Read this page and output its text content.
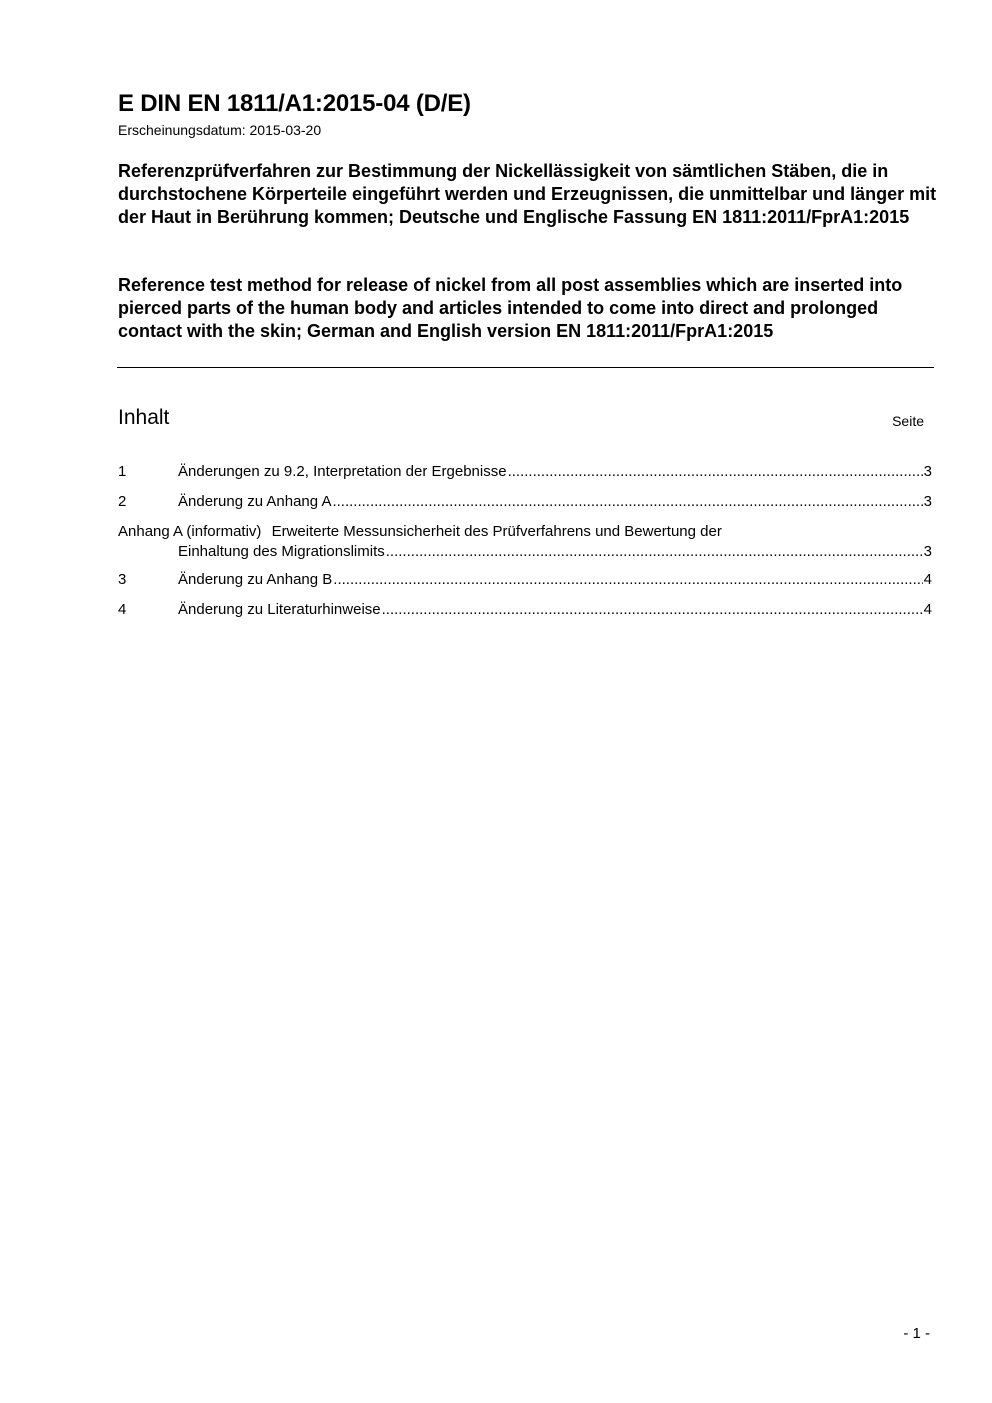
E DIN EN 1811/A1:2015-04 (D/E)
Erscheinungsdatum: 2015-03-20
Referenzprüfverfahren zur Bestimmung der Nickellässigkeit von sämtlichen Stäben, die in durchstochene Körperteile eingeführt werden und Erzeugnissen, die unmittelbar und länger mit der Haut in Berührung kommen; Deutsche und Englische Fassung EN 1811:2011/FprA1:2015
Reference test method for release of nickel from all post assemblies which are inserted into pierced parts of the human body and articles intended to come into direct and prolonged contact with the skin; German and English version EN 1811:2011/FprA1:2015
Inhalt	Seite
1	Änderungen zu 9.2, Interpretation der Ergebnisse .....	3
2	Änderung zu Anhang A .....	3
Anhang A (informativ) Erweiterte Messunsicherheit des Prüfverfahrens und Bewertung der
Einhaltung des Migrationslimits .....	3
3	Änderung zu Anhang B .....	4
4	Änderung zu Literaturhinweise .....	4
- 1 -
